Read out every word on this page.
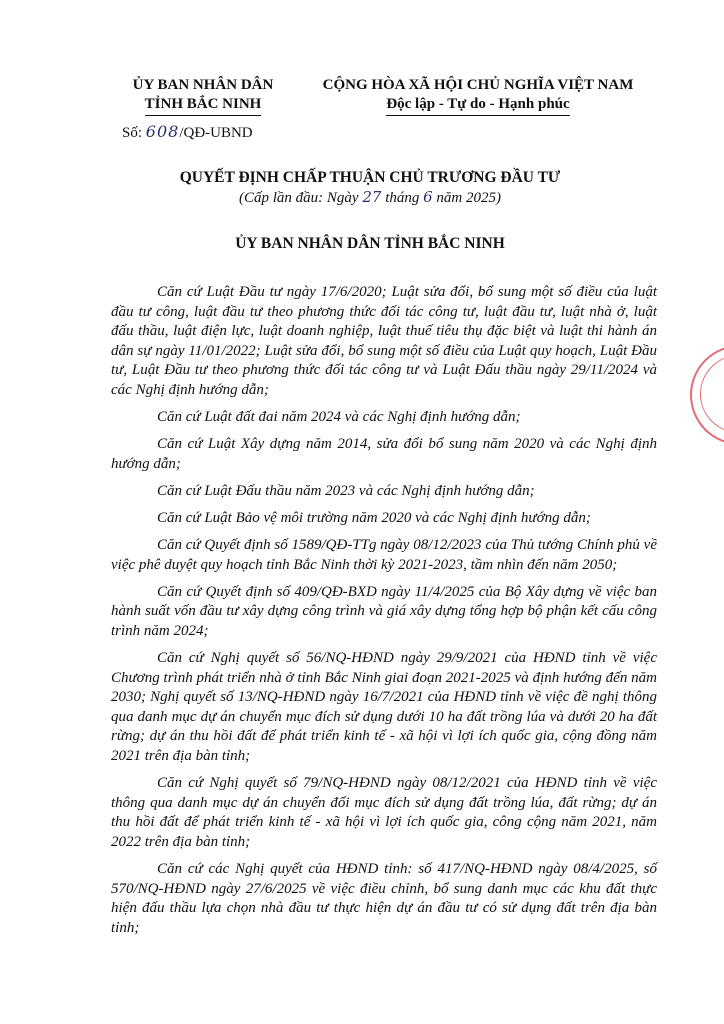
ỦY BAN NHÂN DÂN
TỈNH BẮC NINH
Số: 608/QĐ-UBND
CỘNG HÒA XÃ HỘI CHỦ NGHĨA VIỆT NAM
Độc lập - Tự do - Hạnh phúc
QUYẾT ĐỊNH CHẤP THUẬN CHỦ TRƯƠNG ĐẦU TƯ
(Cấp lần đầu: Ngày 27 tháng 6 năm 2025)
ỦY BAN NHÂN DÂN TỈNH BẮC NINH

Căn cứ Luật Đầu tư ngày 17/6/2020; Luật sửa đổi, bổ sung một số điều của luật đầu tư công, luật đầu tư theo phương thức đối tác công tư, luật đầu tư, luật nhà ở, luật đấu thầu, luật điện lực, luật doanh nghiệp, luật thuế tiêu thụ đặc biệt và luật thi hành án dân sự ngày 11/01/2022; Luật sửa đổi, bổ sung một số điều của Luật quy hoạch, Luật Đầu tư, Luật Đầu tư theo phương thức đối tác công tư và Luật Đấu thầu ngày 29/11/2024 và các Nghị định hướng dẫn;

Căn cứ Luật đất đai năm 2024 và các Nghị định hướng dẫn;

Căn cứ Luật Xây dựng năm 2014, sửa đổi bổ sung năm 2020 và các Nghị định hướng dẫn;

Căn cứ Luật Đấu thầu năm 2023 và các Nghị định hướng dẫn;

Căn cứ Luật Bảo vệ môi trường năm 2020 và các Nghị định hướng dẫn;

Căn cứ Quyết định số 1589/QĐ-TTg ngày 08/12/2023 của Thủ tướng Chính phủ về việc phê duyệt quy hoạch tỉnh Bắc Ninh thời kỳ 2021-2023, tầm nhìn đến năm 2050;

Căn cứ Quyết định số 409/QĐ-BXD ngày 11/4/2025 của Bộ Xây dựng về việc ban hành suất vốn đầu tư xây dựng công trình và giá xây dựng tổng hợp bộ phận kết cấu công trình năm 2024;

Căn cứ Nghị quyết số 56/NQ-HĐND ngày 29/9/2021 của HĐND tỉnh về việc Chương trình phát triển nhà ở tỉnh Bắc Ninh giai đoạn 2021-2025 và định hướng đến năm 2030; Nghị quyết số 13/NQ-HĐND ngày 16/7/2021 của HĐND tỉnh về việc đề nghị thông qua danh mục dự án chuyển mục đích sử dụng dưới 10 ha đất trồng lúa và dưới 20 ha đất rừng; dự án thu hồi đất để phát triển kinh tế - xã hội vì lợi ích quốc gia, cộng đồng năm 2021 trên địa bàn tỉnh;

Căn cứ Nghị quyết số 79/NQ-HĐND ngày 08/12/2021 của HĐND tỉnh về việc thông qua danh mục dự án chuyển đổi mục đích sử dụng đất trồng lúa, đất rừng; dự án thu hồi đất để phát triển kinh tế - xã hội vì lợi ích quốc gia, công cộng năm 2021, năm 2022 trên địa bàn tỉnh;

Căn cứ các Nghị quyết của HĐND tỉnh: số 417/NQ-HĐND ngày 08/4/2025, số 570/NQ-HĐND ngày 27/6/2025 về việc điều chỉnh, bổ sung danh mục các khu đất thực hiện đấu thầu lựa chọn nhà đầu tư thực hiện dự án đầu tư có sử dụng đất trên địa bàn tỉnh;
